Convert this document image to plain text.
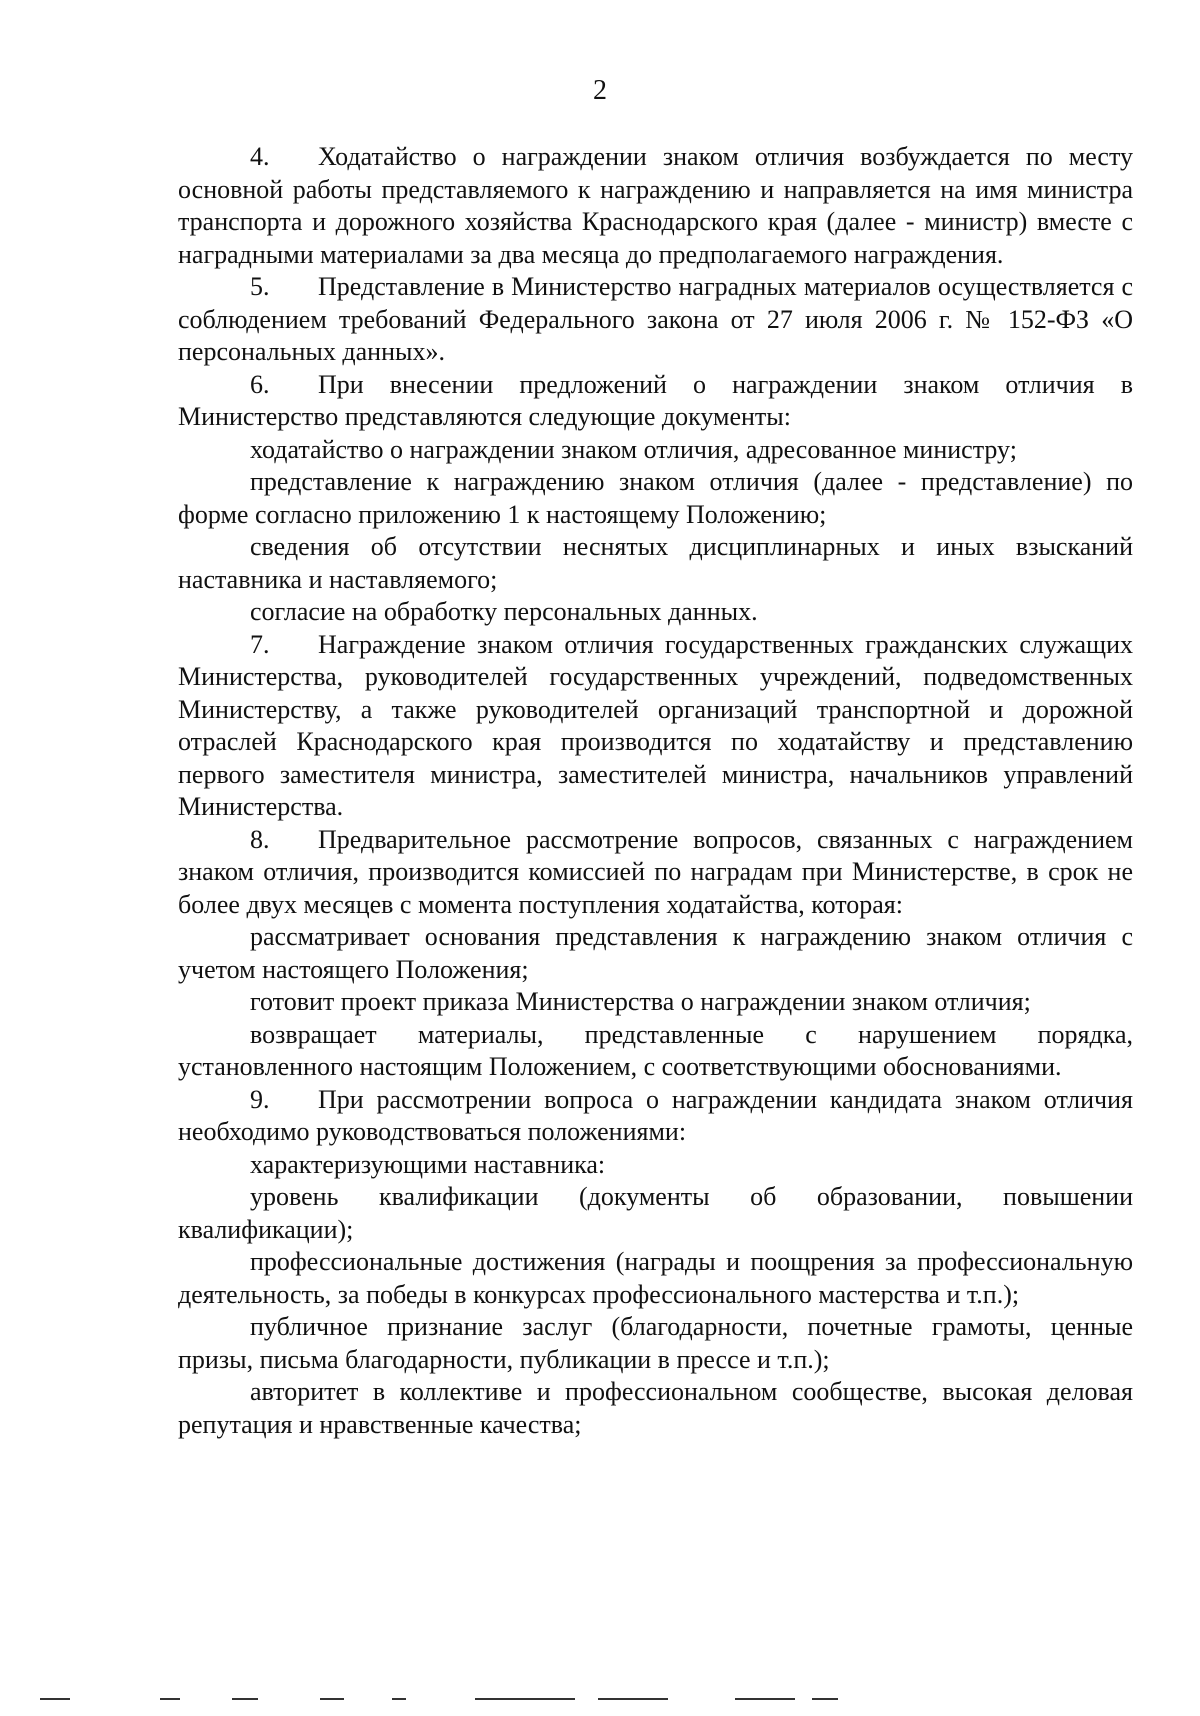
2

4. Ходатайство о награждении знаком отличия возбуждается по месту основной работы представляемого к награждению и направляется на имя министра транспорта и дорожного хозяйства Краснодарского края (далее - министр) вместе с наградными материалами за два месяца до предполагаемого награждения.

5. Представление в Министерство наградных материалов осуществляется с соблюдением требований Федерального закона от 27 июля 2006 г. № 152-ФЗ «О персональных данных».

6. При внесении предложений о награждении знаком отличия в Министерство представляются следующие документы:

ходатайство о награждении знаком отличия, адресованное министру;

представление к награждению знаком отличия (далее - представление) по форме согласно приложению 1 к настоящему Положению;

сведения об отсутствии неснятых дисциплинарных и иных взысканий наставника и наставляемого;

согласие на обработку персональных данных.

7. Награждение знаком отличия государственных гражданских служащих Министерства, руководителей государственных учреждений, подведомственных Министерству, а также руководителей организаций транспортной и дорожной отраслей Краснодарского края производится по ходатайству и представлению первого заместителя министра, заместителей министра, начальников управлений Министерства.

8. Предварительное рассмотрение вопросов, связанных с награждением знаком отличия, производится комиссией по наградам при Министерстве, в срок не более двух месяцев с момента поступления ходатайства, которая:

рассматривает основания представления к награждению знаком отличия с учетом настоящего Положения;

готовит проект приказа Министерства о награждении знаком отличия;

возвращает материалы, представленные с нарушением порядка, установленного настоящим Положением, с соответствующими обоснованиями.

9. При рассмотрении вопроса о награждении кандидата знаком отличия необходимо руководствоваться положениями:

характеризующими наставника:

уровень квалификации (документы об образовании, повышении квалификации);

профессиональные достижения (награды и поощрения за профессиональную деятельность, за победы в конкурсах профессионального мастерства и т.п.);

публичное признание заслуг (благодарности, почетные грамоты, ценные призы, письма благодарности, публикации в прессе и т.п.);

авторитет в коллективе и профессиональном сообществе, высокая деловая репутация и нравственные качества;
